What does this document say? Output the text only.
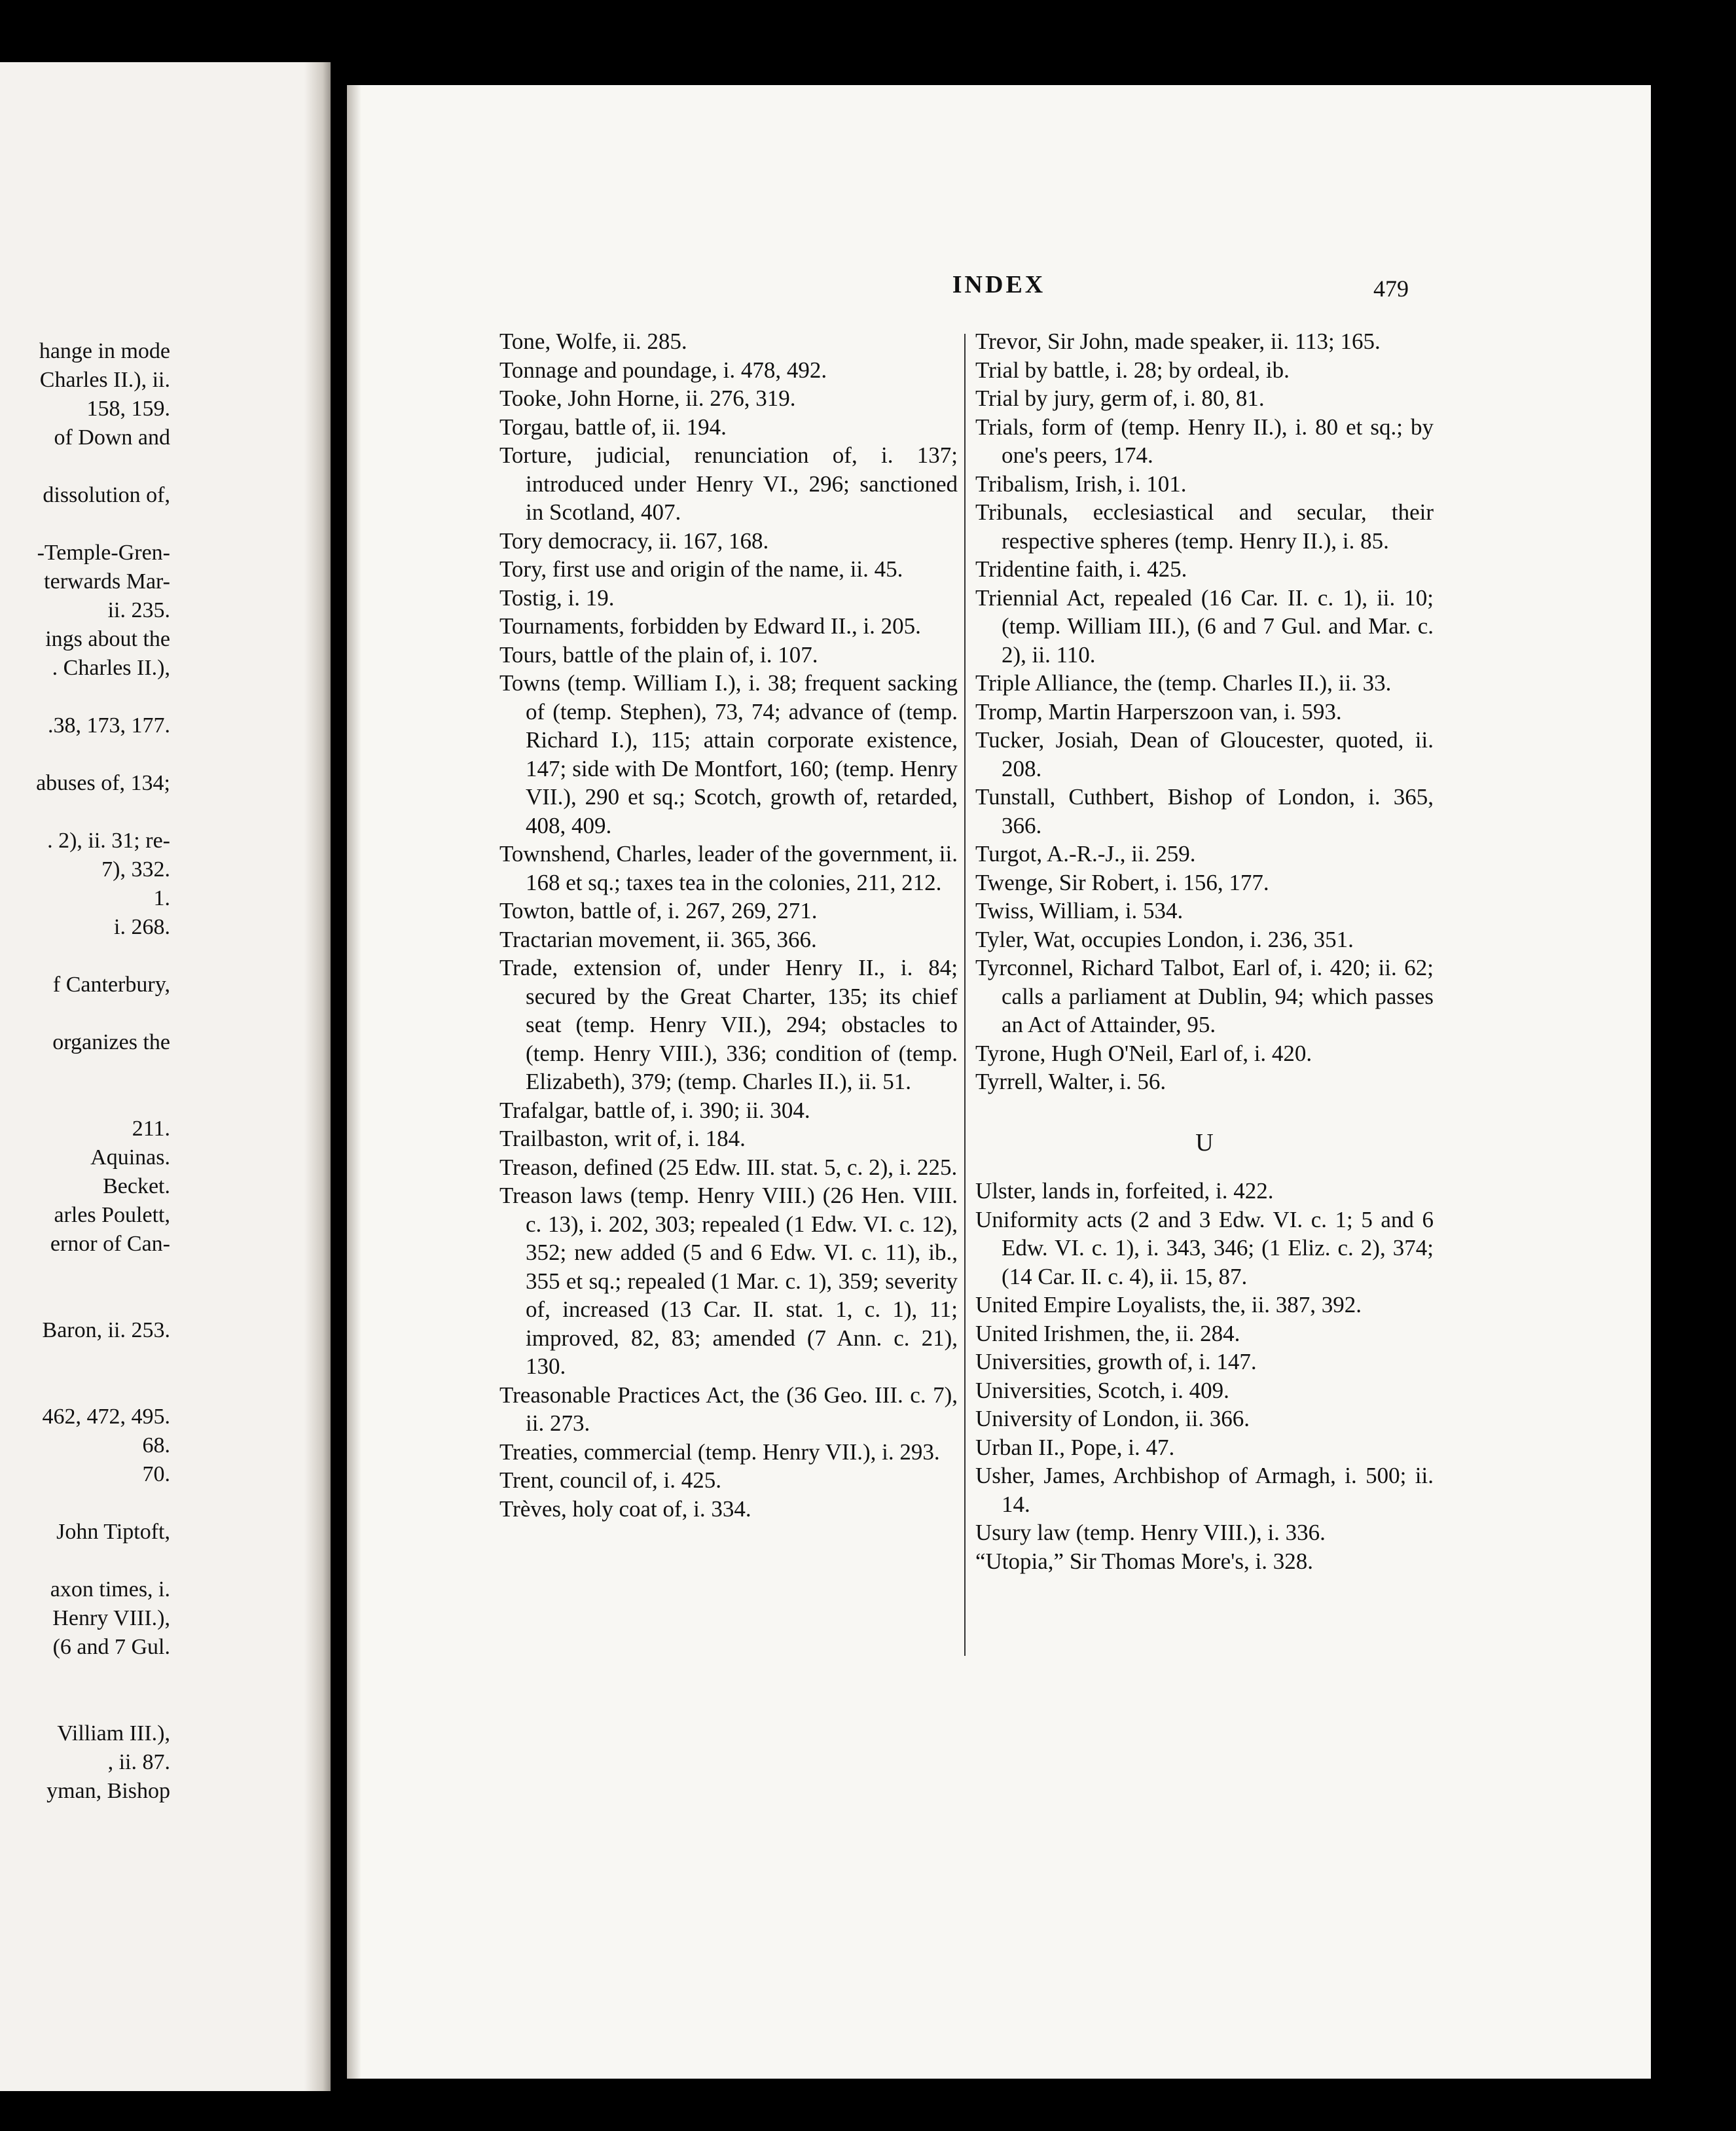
hange in mode
Charles II.), ii.
158, 159.
of Down and
dissolution of,
-Temple-Gren-
terwards Mar-
ii. 235.
ings about the
. Charles II.),
.38, 173, 177.
abuses of, 134;
. 2), ii. 31; re-
7), 332.
1.
i. 268.
f Canterbury,
organizes the
211.
Aquinas.
Becket.
arles Poulett,
ernor of Can-
Baron, ii. 253.
462, 472, 495.
68.
70.
John Tiptoft,
axon times, i.
Henry VIII.),
(6 and 7 Gul.
Villiam III.),
, ii. 87.
yman, Bishop
INDEX	479

Tone, Wolfe, ii. 285.

Tonnage and poundage, i. 478, 492.

Tooke, John Horne, ii. 276, 319.

Torgau, battle of, ii. 194.

Torture, judicial, renunciation of, i. 137; introduced under Henry VI., 296; sanctioned in Scotland, 407.

Tory democracy, ii. 167, 168.

Tory, first use and origin of the name, ii. 45.

Tostig, i. 19.

Tournaments, forbidden by Edward II., i. 205.

Tours, battle of the plain of, i. 107.

Towns (temp. William I.), i. 38; frequent sacking of (temp. Stephen), 73, 74; advance of (temp. Richard I.), 115; attain corporate existence, 147; side with De Montfort, 160; (temp. Henry VII.), 290 et sq.; Scotch, growth of, retarded, 408, 409.

Townshend, Charles, leader of the government, ii. 168 et sq.; taxes tea in the colonies, 211, 212.

Towton, battle of, i. 267, 269, 271.

Tractarian movement, ii. 365, 366.

Trade, extension of, under Henry II., i. 84; secured by the Great Charter, 135; its chief seat (temp. Henry VII.), 294; obstacles to (temp. Henry VIII.), 336; condition of (temp. Elizabeth), 379; (temp. Charles II.), ii. 51.

Trafalgar, battle of, i. 390; ii. 304.

Trailbaston, writ of, i. 184.

Treason, defined (25 Edw. III. stat. 5, c. 2), i. 225.

Treason laws (temp. Henry VIII.) (26 Hen. VIII. c. 13), i. 202, 303; repealed (1 Edw. VI. c. 12), 352; new added (5 and 6 Edw. VI. c. 11), ib., 355 et sq.; repealed (1 Mar. c. 1), 359; severity of, increased (13 Car. II. stat. 1, c. 1), 11; improved, 82, 83; amended (7 Ann. c. 21), 130.

Treasonable Practices Act, the (36 Geo. III. c. 7), ii. 273.

Treaties, commercial (temp. Henry VII.), i. 293.

Trent, council of, i. 425.

Trèves, holy coat of, i. 334.

Trevor, Sir John, made speaker, ii. 113; 165.

Trial by battle, i. 28; by ordeal, ib.

Trial by jury, germ of, i. 80, 81.

Trials, form of (temp. Henry II.), i. 80 et sq.; by one's peers, 174.

Tribalism, Irish, i. 101.

Tribunals, ecclesiastical and secular, their respective spheres (temp. Henry II.), i. 85.

Tridentine faith, i. 425.

Triennial Act, repealed (16 Car. II. c. 1), ii. 10; (temp. William III.), (6 and 7 Gul. and Mar. c. 2), ii. 110.

Triple Alliance, the (temp. Charles II.), ii. 33.

Tromp, Martin Harperszoon van, i. 593.

Tucker, Josiah, Dean of Gloucester, quoted, ii. 208.

Tunstall, Cuthbert, Bishop of London, i. 365, 366.

Turgot, A.-R.-J., ii. 259.

Twenge, Sir Robert, i. 156, 177.

Twiss, William, i. 534.

Tyler, Wat, occupies London, i. 236, 351.

Tyrconnel, Richard Talbot, Earl of, i. 420; ii. 62; calls a parliament at Dublin, 94; which passes an Act of Attainder, 95.

Tyrone, Hugh O'Neil, Earl of, i. 420.

Tyrrell, Walter, i. 56.

U

Ulster, lands in, forfeited, i. 422.

Uniformity acts (2 and 3 Edw. VI. c. 1; 5 and 6 Edw. VI. c. 1), i. 343, 346; (1 Eliz. c. 2), 374; (14 Car. II. c. 4), ii. 15, 87.

United Empire Loyalists, the, ii. 387, 392.

United Irishmen, the, ii. 284.

Universities, growth of, i. 147.

Universities, Scotch, i. 409.

University of London, ii. 366.

Urban II., Pope, i. 47.

Usher, James, Archbishop of Armagh, i. 500; ii. 14.

Usury law (temp. Henry VIII.), i. 336.

“Utopia,” Sir Thomas More's, i. 328.
